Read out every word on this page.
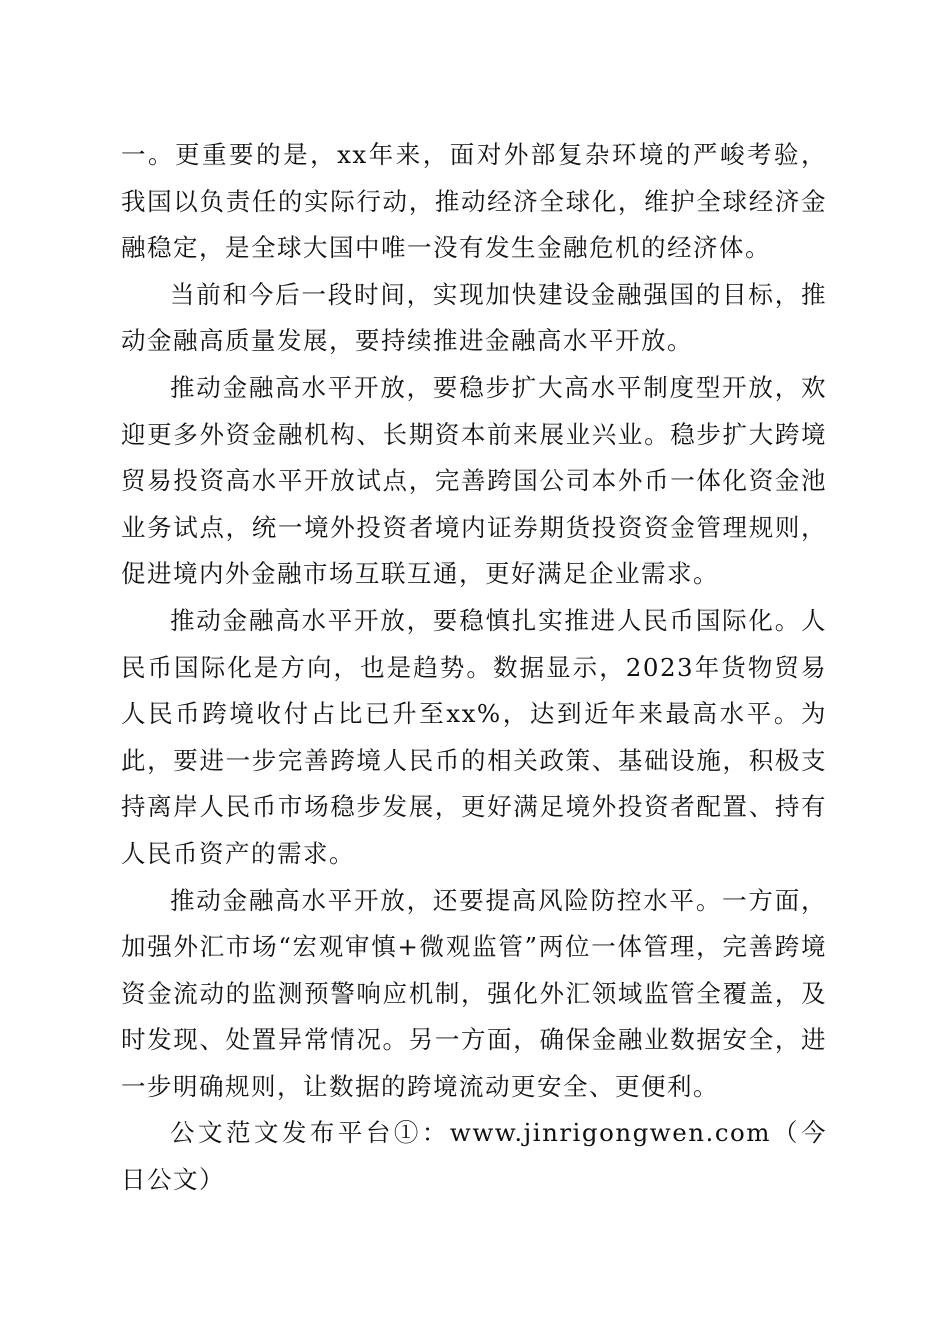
一。更重要的是，xx年来，面对外部复杂环境的严峻考验，我国以负责任的实际行动，推动经济全球化，维护全球经济金融稳定，是全球大国中唯一没有发生金融危机的经济体。

当前和今后一段时间，实现加快建设金融强国的目标，推动金融高质量发展，要持续推进金融高水平开放。

推动金融高水平开放，要稳步扩大高水平制度型开放，欢迎更多外资金融机构、长期资本前来展业兴业。稳步扩大跨境贸易投资高水平开放试点，完善跨国公司本外币一体化资金池业务试点，统一境外投资者境内证券期货投资资金管理规则，促进境内外金融市场互联互通，更好满足企业需求。

推动金融高水平开放，要稳慎扎实推进人民币国际化。人民币国际化是方向，也是趋势。数据显示，2023年货物贸易人民币跨境收付占比已升至xx%，达到近年来最高水平。为此，要进一步完善跨境人民币的相关政策、基础设施，积极支持离岸人民币市场稳步发展，更好满足境外投资者配置、持有人民币资产的需求。

推动金融高水平开放，还要提高风险防控水平。一方面，加强外汇市场“宏观审慎+微观监管”两位一体管理，完善跨境资金流动的监测预警响应机制，强化外汇领域监管全覆盖，及时发现、处置异常情况。另一方面，确保金融业数据安全，进一步明确规则，让数据的跨境流动更安全、更便利。

公文范文发布平台①：www.jinrigongwen.com（今日公文）
